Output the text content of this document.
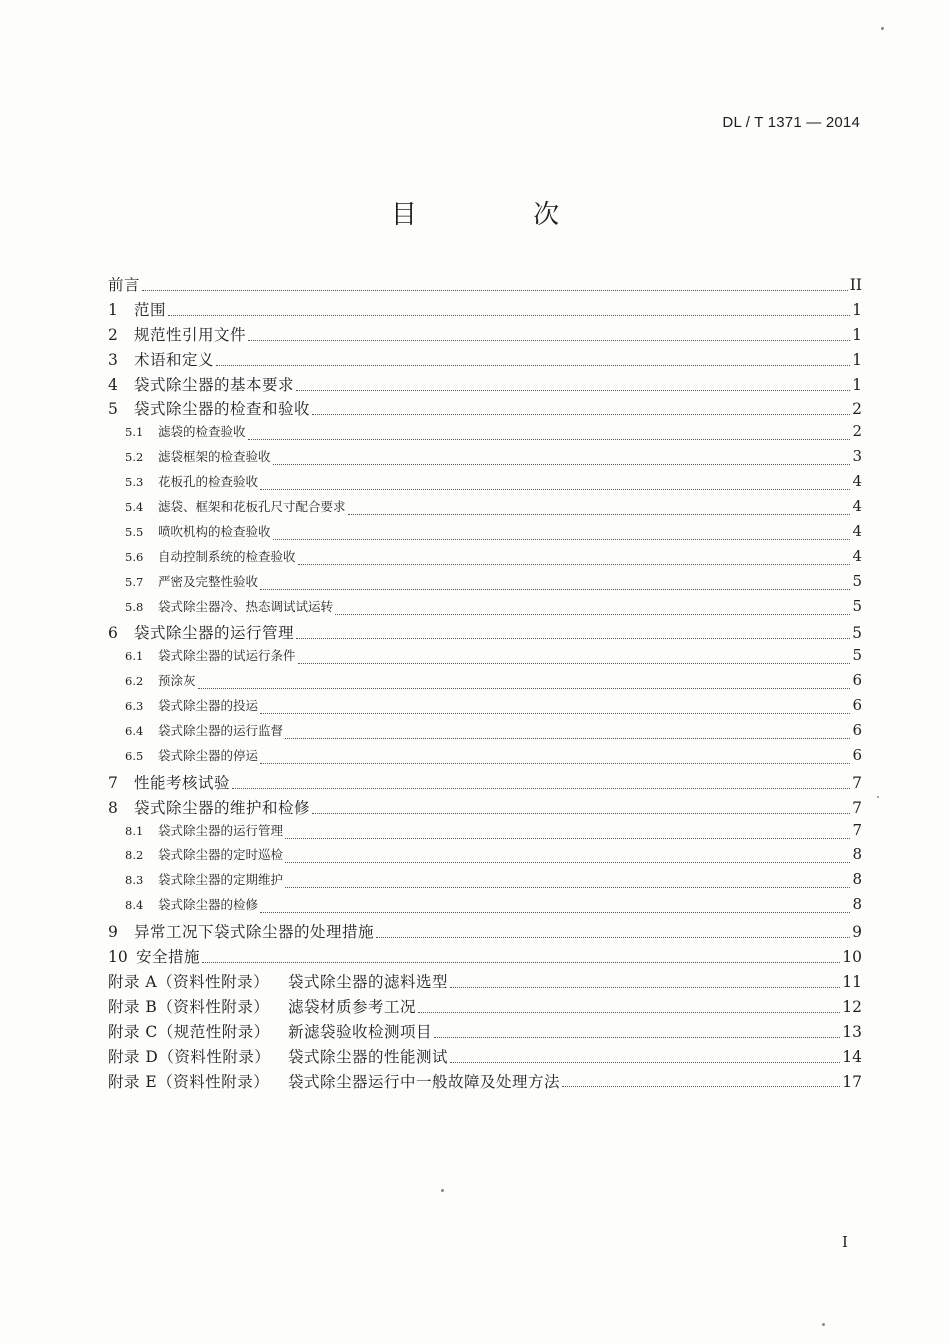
DL / T 1371 — 2014
目 次
前言	II
1	范围	1
2	规范性引用文件	1
3	术语和定义	1
4	袋式除尘器的基本要求	1
5	袋式除尘器的检查和验收	2
5.1	滤袋的检查验收	2
5.2	滤袋框架的检查验收	3
5.3	花板孔的检查验收	4
5.4	滤袋、框架和花板孔尺寸配合要求	4
5.5	喷吹机构的检查验收	4
5.6	自动控制系统的检查验收	4
5.7	严密及完整性验收	5
5.8	袋式除尘器冷、热态调试试运转	5
6	袋式除尘器的运行管理	5
6.1	袋式除尘器的试运行条件	5
6.2	预涂灰	6
6.3	袋式除尘器的投运	6
6.4	袋式除尘器的运行监督	6
6.5	袋式除尘器的停运	6
7	性能考核试验	7
8	袋式除尘器的维护和检修	7
8.1	袋式除尘器的运行管理	7
8.2	袋式除尘器的定时巡检	8
8.3	袋式除尘器的定期维护	8
8.4	袋式除尘器的检修	8
9	异常工况下袋式除尘器的处理措施	9
10 安全措施	10
附录 A（资料性附录）	袋式除尘器的滤料选型	11
附录 B（资料性附录）	滤袋材质参考工况	12
附录 C（规范性附录）	新滤袋验收检测项目	13
附录 D（资料性附录）	袋式除尘器的性能测试	14
附录 E（资料性附录）	袋式除尘器运行中一般故障及处理方法	17
I
